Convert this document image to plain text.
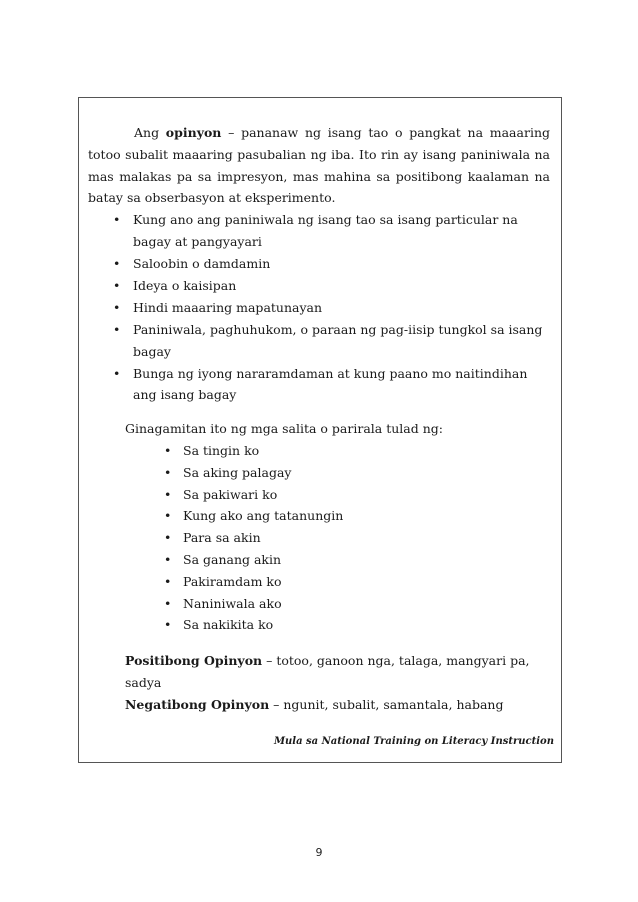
Ang opinyon – pananaw ng isang tao o pangkat na maaaring totoo subalit maaaring pasubalian ng iba. Ito rin ay isang paniniwala na mas malakas pa sa impresyon, mas mahina sa positibong kaalaman na batay sa obserbasyon at eksperimento.

• Kung ano ang paniniwala ng isang tao sa isang particular na bagay at pangyayari
• Saloobin o damdamin
• Ideya o kaisipan
• Hindi maaaring mapatunayan
• Paniniwala, paghuhukom, o paraan ng pag-iisip tungkol sa isang bagay
• Bunga ng iyong nararamdaman at kung paano mo naitindihan ang isang bagay
Ginagamitan ito ng mga salita o parirala tulad ng:
• Sa tingin ko
• Sa aking palagay
• Sa pakiwari ko
• Kung ako ang tatanungin
• Para sa akin
• Sa ganang akin
• Pakiramdam ko
• Naniniwala ako
• Sa nakikita ko
Positibong Opinyon – totoo, ganoon nga, talaga, mangyari pa, sadya
Negatibong Opinyon – ngunit, subalit, samantala, habang
Mula sa National Training on Literacy Instruction
9
